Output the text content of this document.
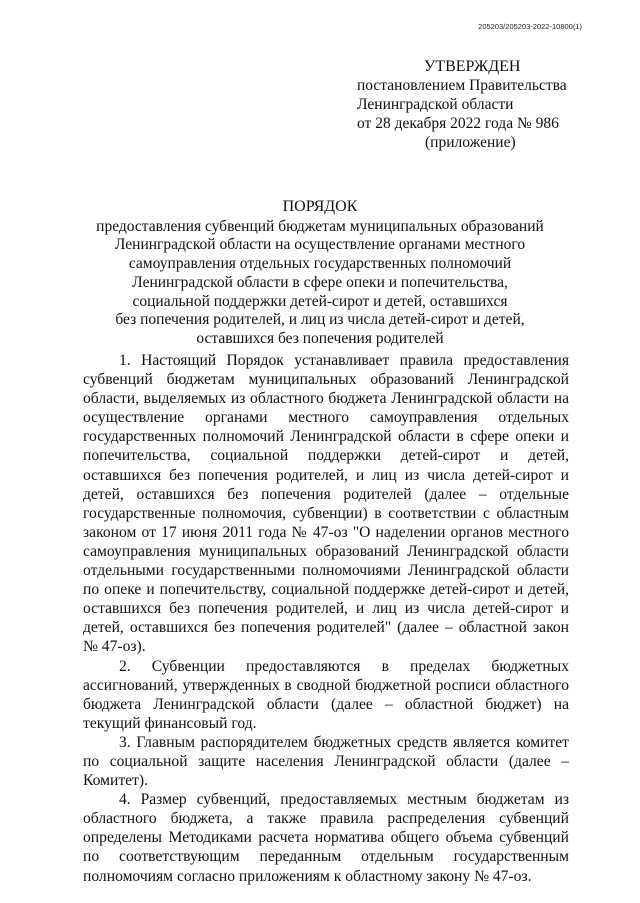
205203/205203-2022-10800(1)
УТВЕРЖДЕН
постановлением Правительства
Ленинградской области
от 28 декабря 2022 года № 986
(приложение)
ПОРЯДОК
предоставления субвенций бюджетам муниципальных образований
Ленинградской области на осуществление органами местного
самоуправления отдельных государственных полномочий
Ленинградской области в сфере опеки и попечительства,
социальной поддержки детей-сирот и детей, оставшихся
без попечения родителей, и лиц из числа детей-сирот и детей,
оставшихся без попечения родителей

1. Настоящий Порядок устанавливает правила предоставления субвенций бюджетам муниципальных образований Ленинградской области, выделяемых из областного бюджета Ленинградской области на осуществление органами местного самоуправления отдельных государственных полномочий Ленинградской области в сфере опеки и попечительства, социальной поддержки детей-сирот и детей, оставшихся без попечения родителей, и лиц из числа детей-сирот и детей, оставшихся без попечения родителей (далее – отдельные государственные полномочия, субвенции) в соответствии с областным законом от 17 июня 2011 года № 47-оз "О наделении органов местного самоуправления муниципальных образований Ленинградской области отдельными государственными полномочиями Ленинградской области по опеке и попечительству, социальной поддержке детей-сирот и детей, оставшихся без попечения родителей, и лиц из числа детей-сирот и детей, оставшихся без попечения родителей" (далее – областной закон № 47-оз).

2. Субвенции предоставляются в пределах бюджетных ассигнований, утвержденных в сводной бюджетной росписи областного бюджета Ленинградской области (далее – областной бюджет) на текущий финансовый год.

3. Главным распорядителем бюджетных средств является комитет по социальной защите населения Ленинградской области (далее – Комитет).

4. Размер субвенций, предоставляемых местным бюджетам из областного бюджета, а также правила распределения субвенций определены Методиками расчета норматива общего объема субвенций по соответствующим переданным отдельным государственным полномочиям согласно приложениям к областному закону № 47-оз.
